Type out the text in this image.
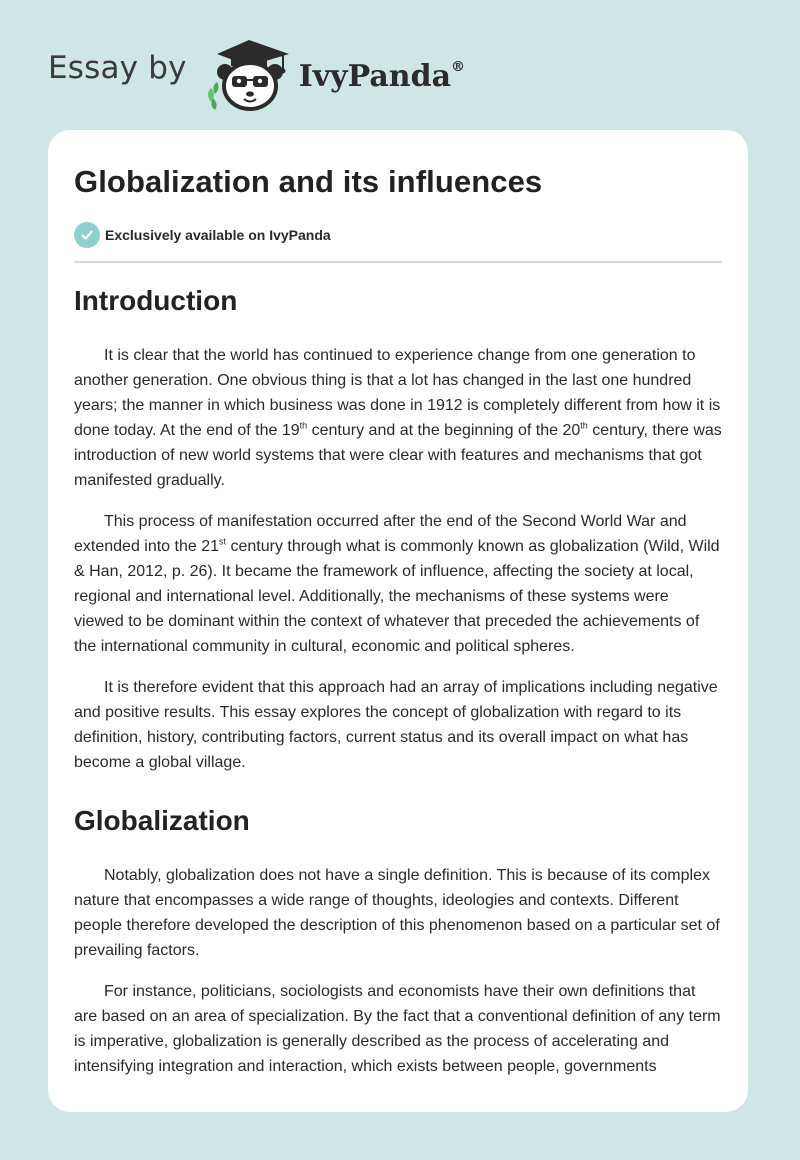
Essay by	IvyPanda®
Globalization and its influences
Exclusively available on IvyPanda
Introduction

It is clear that the world has continued to experience change from one generation to another generation. One obvious thing is that a lot has changed in the last one hundred years; the manner in which business was done in 1912 is completely different from how it is done today. At the end of the 19th century and at the beginning of the 20th century, there was introduction of new world systems that were clear with features and mechanisms that got manifested gradually.

This process of manifestation occurred after the end of the Second World War and extended into the 21st century through what is commonly known as globalization (Wild, Wild & Han, 2012, p. 26). It became the framework of influence, affecting the society at local, regional and international level. Additionally, the mechanisms of these systems were viewed to be dominant within the context of whatever that preceded the achievements of the international community in cultural, economic and political spheres.

It is therefore evident that this approach had an array of implications including negative and positive results. This essay explores the concept of globalization with regard to its definition, history, contributing factors, current status and its overall impact on what has become a global village.

Globalization

Notably, globalization does not have a single definition. This is because of its complex nature that encompasses a wide range of thoughts, ideologies and contexts. Different people therefore developed the description of this phenomenon based on a particular set of prevailing factors.

For instance, politicians, sociologists and economists have their own definitions that are based on an area of specialization. By the fact that a conventional definition of any term is imperative, globalization is generally described as the process of accelerating and intensifying integration and interaction, which exists between people, governments
